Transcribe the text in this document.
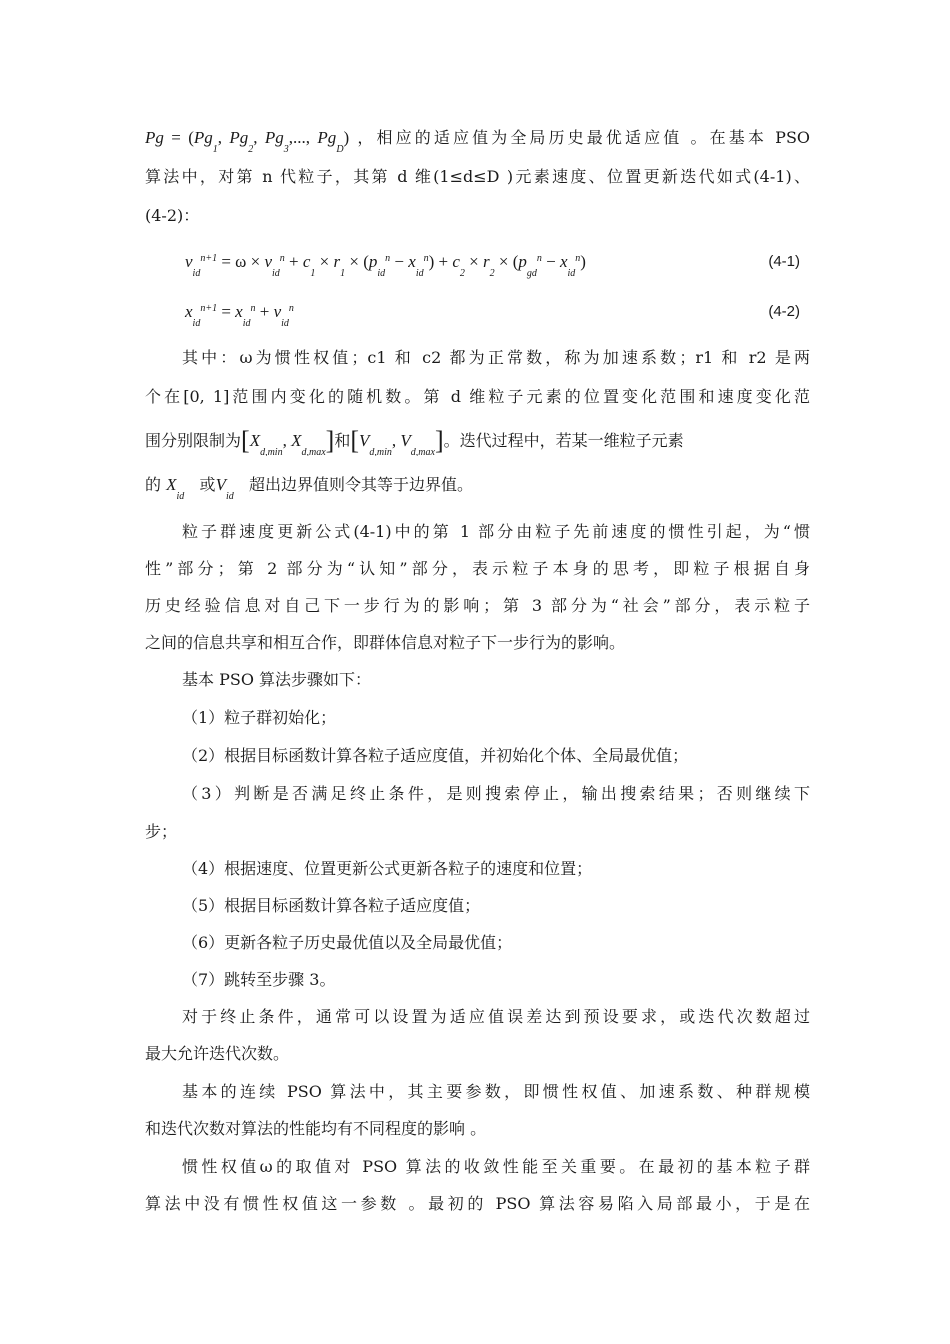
$Pg = (Pg_1$, $Pg_2$, $Pg_3$,..., $Pg_D$) ，相应的适应值为全局历史最优适应值 。在基本 PSO
算法中，对第 n 代粒子，其第 d 维(1≤d≤D )元素速度、位置更新迭代如式(4-1)、
(4-2)：
$v_{id}^{n+1} = \omega \times v_{id}^n + c_1 \times r_1 \times (p_{id}^n - x_{id}^n) + c_2 \times r_2 \times (p_{gd}^n - x_{id}^n)$	(4-1)
$x_{id}^{n+1} = x_{id}^n + v_{id}^n$	(4-2)
其中：ω为惯性权值；c1 和 c2 都为正常数，称为加速系数；r1 和 r2 是两
个在[0, 1]范围内变化的随机数。第 d 维粒子元素的位置变化范围和速度变化范
围分别限制为[$X_{d,min}$, $X_{d,max}$]和[$V_{d,min}$, $V_{d,max}$]。迭代过程中，若某一维粒子元素
的 $X_{id}$   或$V_{id}$   超出边界值则令其等于边界值。
粒子群速度更新公式(4-1)中的第 1 部分由粒子先前速度的惯性引起，为“惯
性”部分；第 2 部分为“认知”部分，表示粒子本身的思考，即粒子根据自身
历史经验信息对自己下一步行为的影响；第 3 部分为“社会”部分，表示粒子
之间的信息共享和相互合作，即群体信息对粒子下一步行为的影响。
基本 PSO 算法步骤如下：
（1）粒子群初始化；
（2）根据目标函数计算各粒子适应度值，并初始化个体、全局最优值；
（3）判断是否满足终止条件，是则搜索停止，输出搜索结果；否则继续下
步；
（4）根据速度、位置更新公式更新各粒子的速度和位置；
（5）根据目标函数计算各粒子适应度值；
（6）更新各粒子历史最优值以及全局最优值；
（7）跳转至步骤 3。
对于终止条件，通常可以设置为适应值误差达到预设要求，或迭代次数超过
最大允许迭代次数。
基本的连续 PSO 算法中，其主要参数，即惯性权值、加速系数、种群规模
和迭代次数对算法的性能均有不同程度的影响 。
惯性权值ω的取值对 PSO 算法的收敛性能至关重要。在最初的基本粒子群
算法中没有惯性权值这一参数 。最初的 PSO 算法容易陷入局部最小，于是在
